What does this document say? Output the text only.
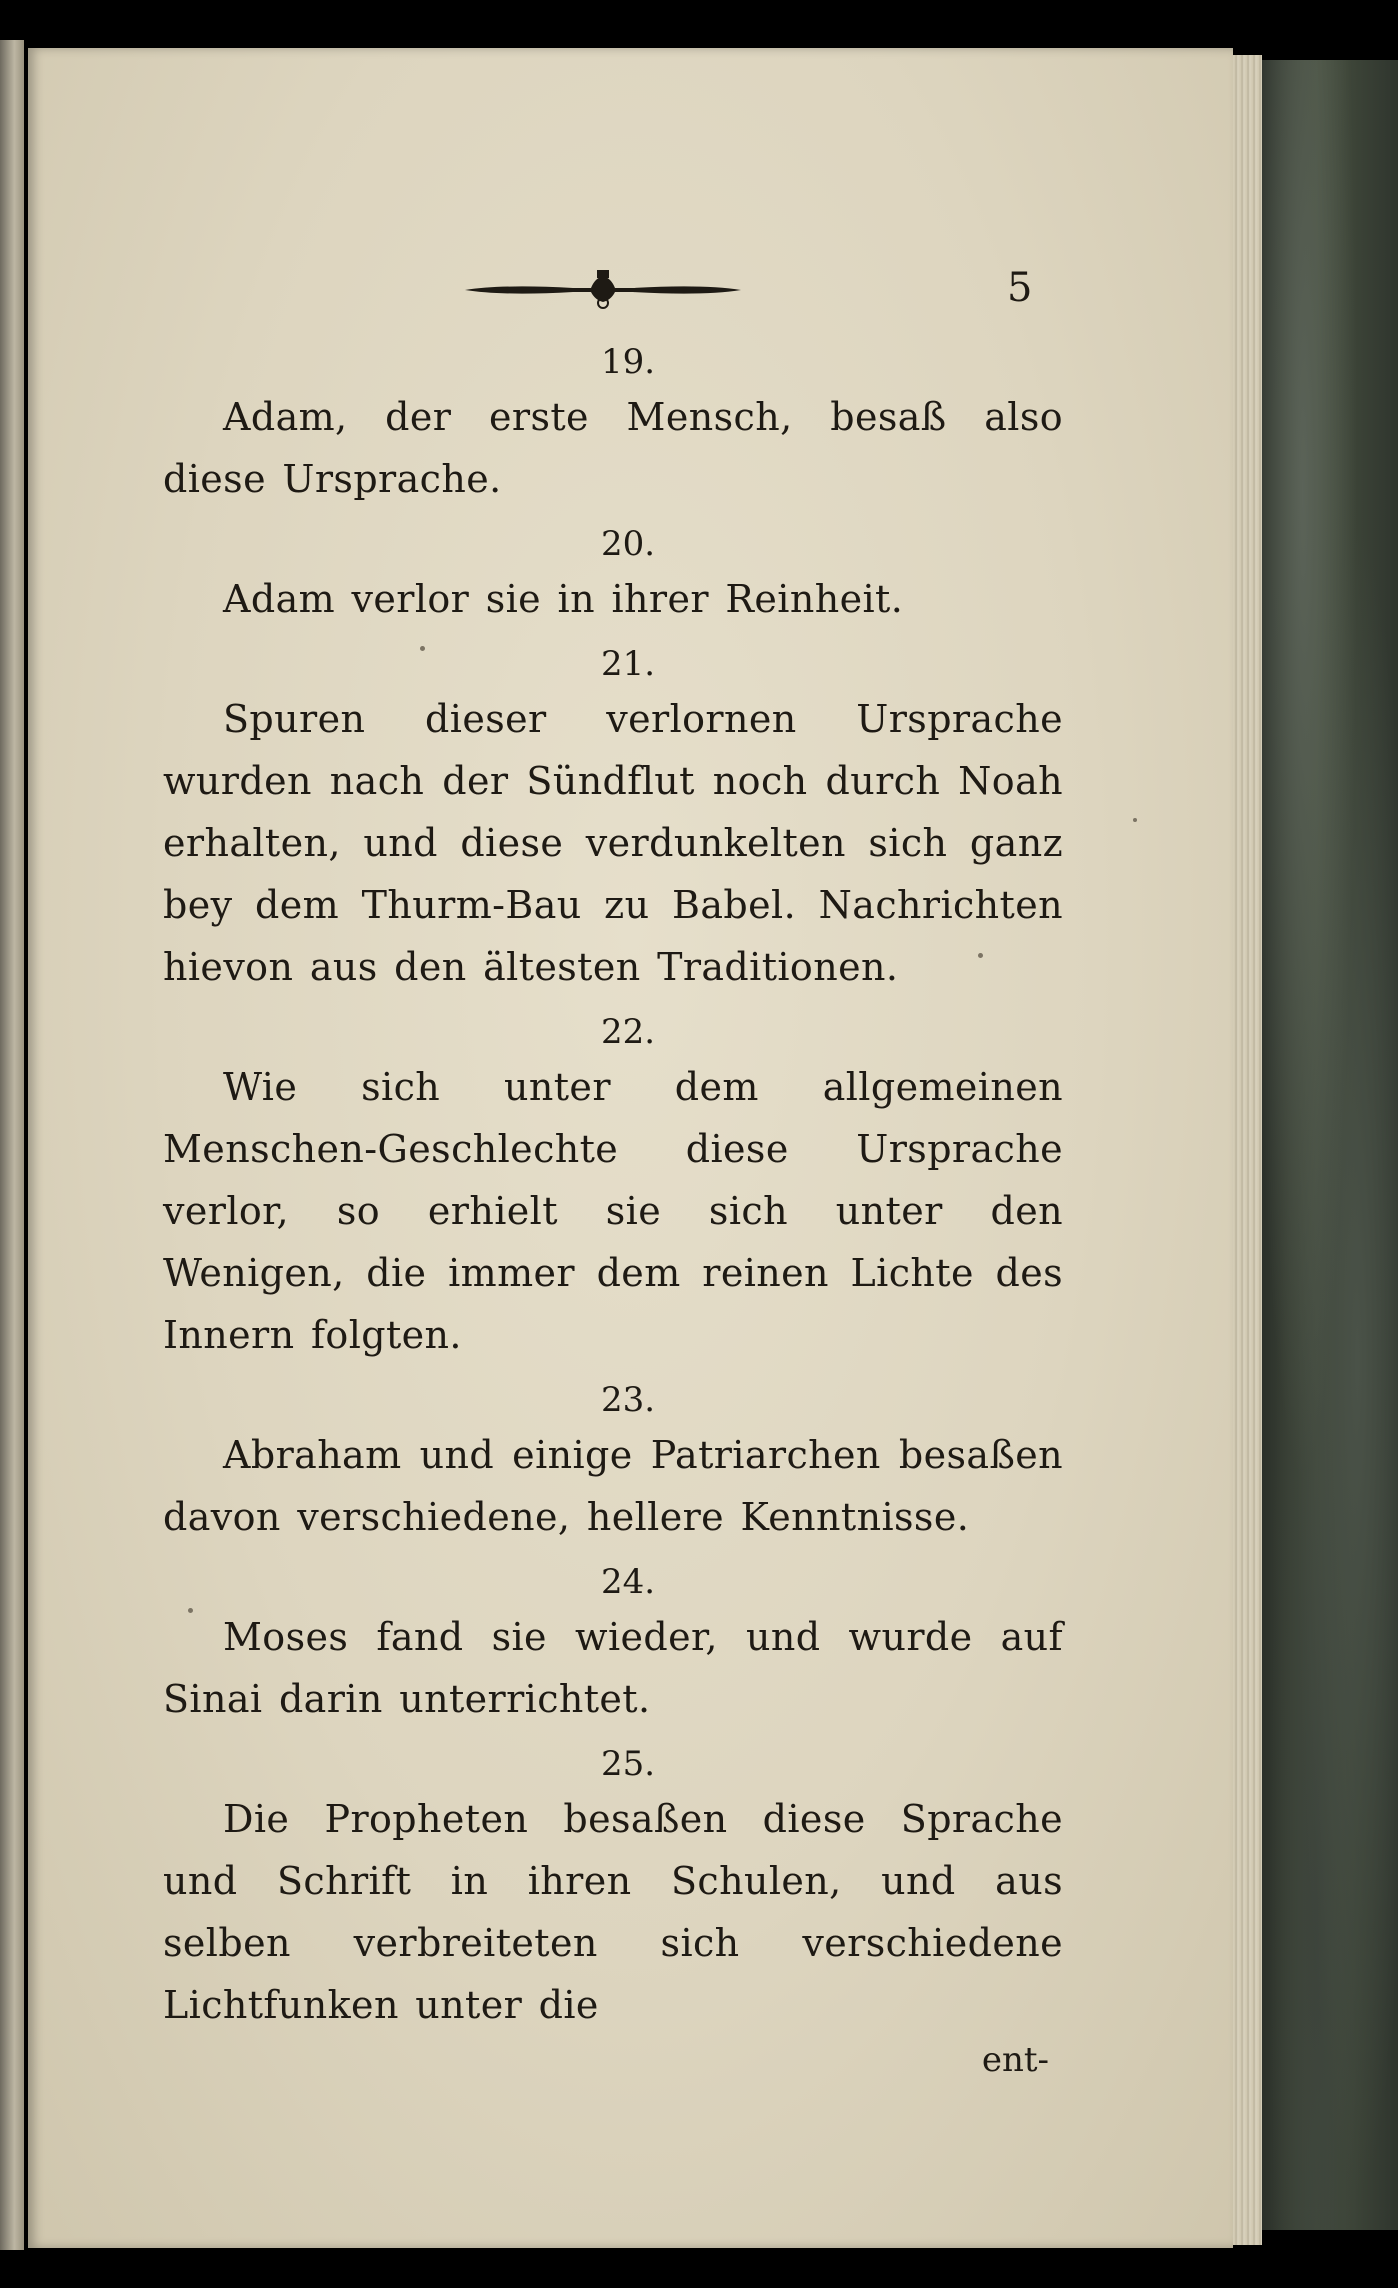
5
19.

Adam, der erste Mensch, besaß also diese Ursprache.

20.

Adam verlor sie in ihrer Reinheit.

21.

Spuren dieser verlornen Ursprache wurden nach der Sündflut noch durch Noah erhalten, und diese verdunkelten sich ganz bey dem Thurm-Bau zu Babel. Nachrichten hievon aus den ältesten Traditionen.

22.

Wie sich unter dem allgemeinen Menschen-Geschlechte diese Ursprache verlor, so erhielt sie sich unter den Wenigen, die immer dem reinen Lichte des Innern folgten.

23.

Abraham und einige Patriarchen besaßen davon verschiedene, hellere Kenntnisse.

24.

Moses fand sie wieder, und wurde auf Sinai darin unterrichtet.

25.

Die Propheten besaßen diese Sprache und Schrift in ihren Schulen, und aus selben verbreiteten sich verschiedene Lichtfunken unter die

ent-
